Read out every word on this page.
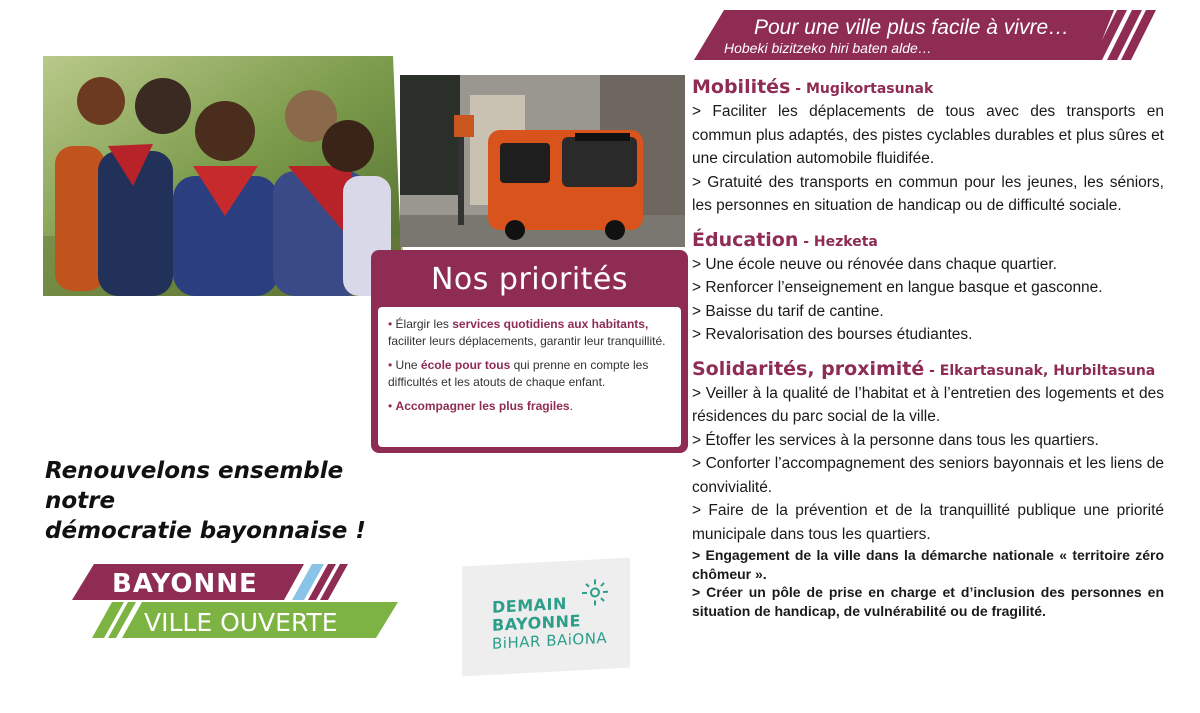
Pour une ville plus facile à vivre…
Hobeki bizitzeko hiri baten alde…
Nos priorités
• Élargir les services quotidiens aux habitants, faciliter leurs déplacements, garantir leur tranquillité.
• Une école pour tous qui prenne en compte les difficultés et les atouts de chaque enfant.
• Accompagner les plus fragiles.
Renouvelons ensemble notre
démocratie bayonnaise !
BAYONNE
VILLE OUVERTE
DEMAIN
BAYONNE
BiHAR BAiONA
Mobilités - Mugikortasunak
> Faciliter les déplacements de tous avec des transports en commun plus adaptés, des pistes cyclables durables et plus sûres et une circulation automobile fluidifée.
> Gratuité des transports en commun pour les jeunes, les séniors, les personnes en situation de handicap ou de difficulté sociale.
Éducation - Hezketa
> Une école neuve ou rénovée dans chaque quartier.
> Renforcer l’enseignement en langue basque et gasconne.
> Baisse du tarif de cantine.
> Revalorisation des bourses étudiantes.
Solidarités, proximité - Elkartasunak, Hurbiltasuna
> Veiller à la qualité de l’habitat et à l’entretien des logements et des résidences du parc social de la ville.
> Étoffer les services à la personne dans tous les quartiers.
> Conforter l’accompagnement des seniors bayonnais et les liens de convivialité.
> Faire de la prévention et de la tranquillité publique une priorité municipale dans tous les quartiers.
> Engagement de la ville dans la démarche nationale « territoire zéro chômeur ».
> Créer un pôle de prise en charge et d’inclusion des personnes en situation de handicap, de vulnérabilité ou de fragilité.
